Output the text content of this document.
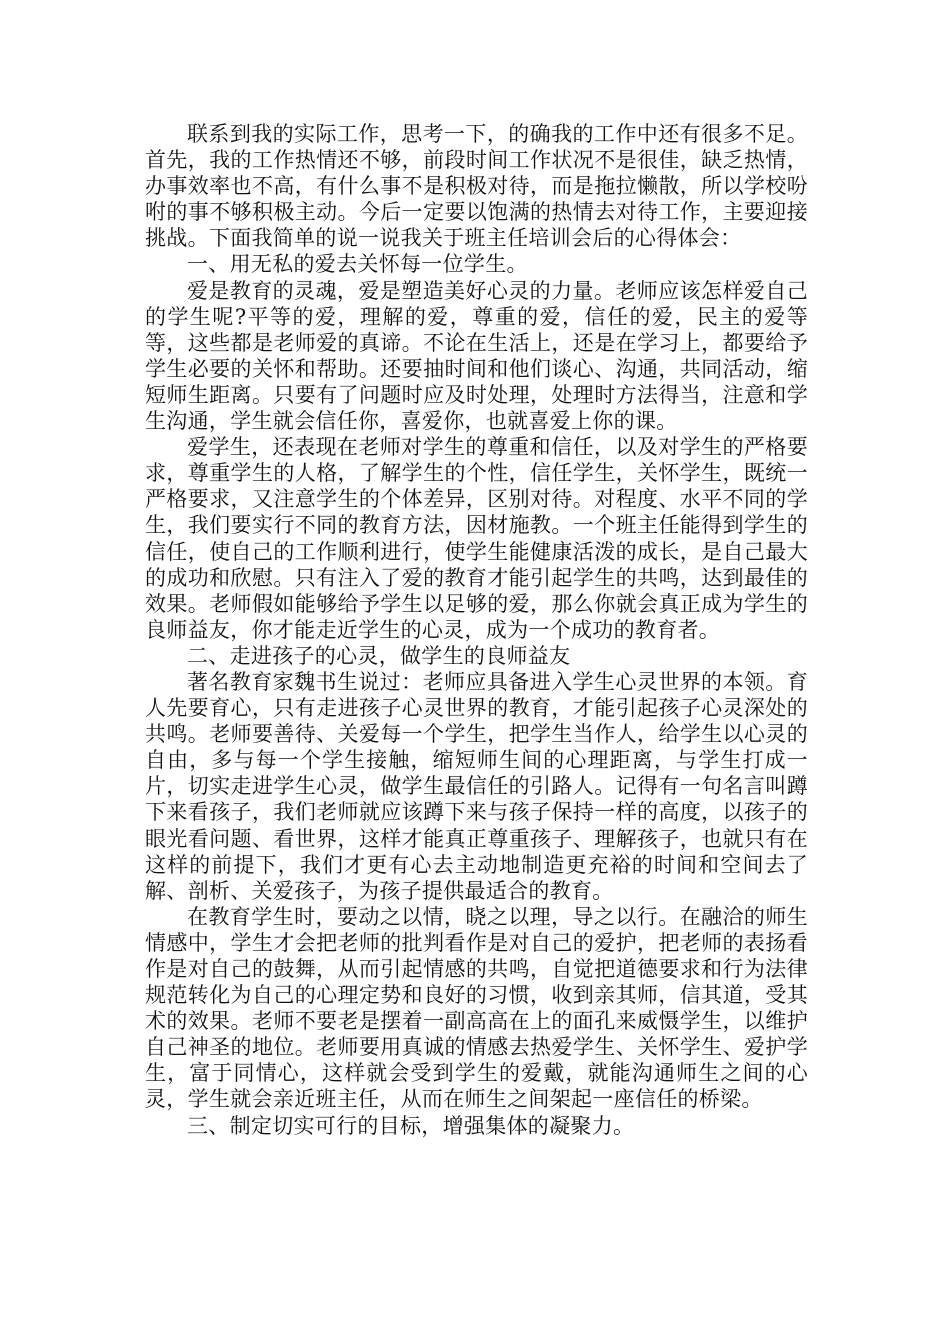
联系到我的实际工作，思考一下，的确我的工作中还有很多不足。首先，我的工作热情还不够，前段时间工作状况不是很佳，缺乏热情，办事效率也不高，有什么事不是积极对待，而是拖拉懒散，所以学校吩咐的事不够积极主动。今后一定要以饱满的热情去对待工作，主要迎接挑战。下面我简单的说一说我关于班主任培训会后的心得体会：

一、用无私的爱去关怀每一位学生。

爱是教育的灵魂，爱是塑造美好心灵的力量。老师应该怎样爱自己的学生呢?平等的爱，理解的爱，尊重的爱，信任的爱，民主的爱等等，这些都是老师爱的真谛。不论在生活上，还是在学习上，都要给予学生必要的关怀和帮助。还要抽时间和他们谈心、沟通，共同活动，缩短师生距离。只要有了问题时应及时处理，处理时方法得当，注意和学生沟通，学生就会信任你，喜爱你，也就喜爱上你的课。

爱学生，还表现在老师对学生的尊重和信任，以及对学生的严格要求，尊重学生的人格，了解学生的个性，信任学生，关怀学生，既统一严格要求，又注意学生的个体差异，区别对待。对程度、水平不同的学生，我们要实行不同的教育方法，因材施教。一个班主任能得到学生的信任，使自己的工作顺利进行，使学生能健康活泼的成长，是自己最大的成功和欣慰。只有注入了爱的教育才能引起学生的共鸣，达到最佳的效果。老师假如能够给予学生以足够的爱，那么你就会真正成为学生的良师益友，你才能走近学生的心灵，成为一个成功的教育者。

二、走进孩子的心灵，做学生的良师益友

著名教育家魏书生说过：老师应具备进入学生心灵世界的本领。育人先要育心，只有走进孩子心灵世界的教育，才能引起孩子心灵深处的共鸣。老师要善待、关爱每一个学生，把学生当作人，给学生以心灵的自由，多与每一个学生接触，缩短师生间的心理距离，与学生打成一片，切实走进学生心灵，做学生最信任的引路人。记得有一句名言叫蹲下来看孩子，我们老师就应该蹲下来与孩子保持一样的高度，以孩子的眼光看问题、看世界，这样才能真正尊重孩子、理解孩子，也就只有在这样的前提下，我们才更有心去主动地制造更充裕的时间和空间去了解、剖析、关爱孩子，为孩子提供最适合的教育。

在教育学生时，要动之以情，晓之以理，导之以行。在融洽的师生情感中，学生才会把老师的批判看作是对自己的爱护，把老师的表扬看作是对自己的鼓舞，从而引起情感的共鸣，自觉把道德要求和行为法律规范转化为自己的心理定势和良好的习惯，收到亲其师，信其道，受其术的效果。老师不要老是摆着一副高高在上的面孔来威慑学生，以维护自己神圣的地位。老师要用真诚的情感去热爱学生、关怀学生、爱护学生，富于同情心，这样就会受到学生的爱戴，就能沟通师生之间的心灵，学生就会亲近班主任，从而在师生之间架起一座信任的桥梁。

三、制定切实可行的目标，增强集体的凝聚力。
